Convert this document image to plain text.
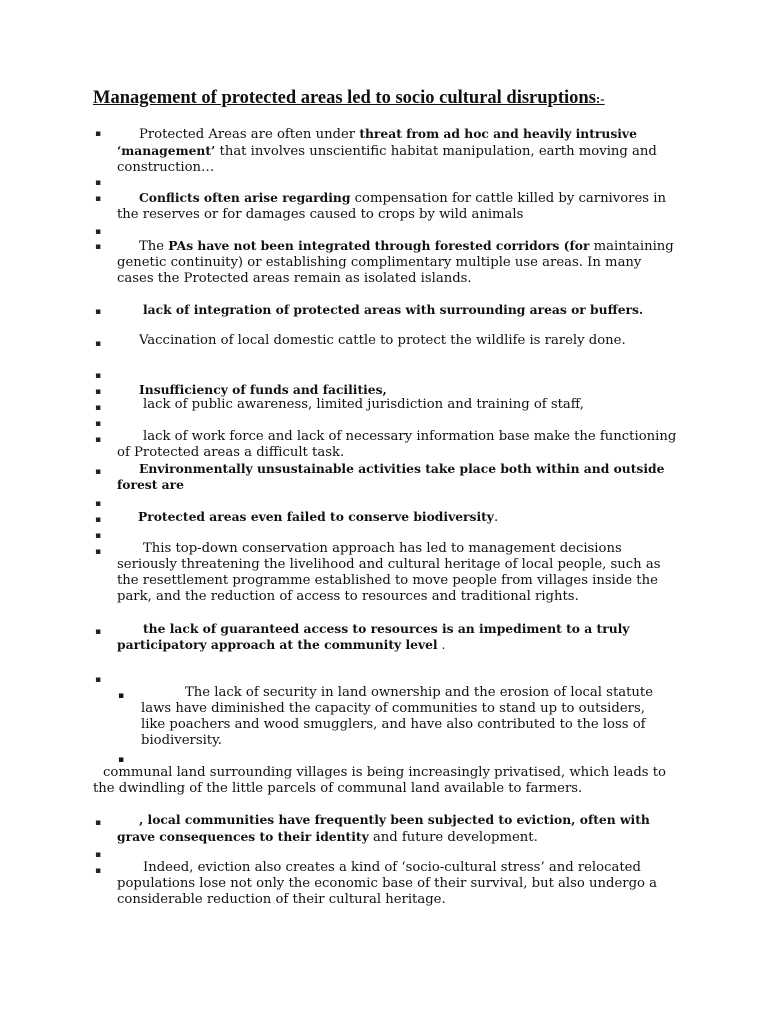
Management of protected areas led to socio cultural disruptions:-
▪	Protected Areas are often under threat from ad hoc and heavily intrusive ‘management’ that involves unscientific habitat manipulation, earth moving and construction…
▪
▪	Conflicts often arise regarding compensation for cattle killed by carnivores in the reserves or for damages caused to crops by wild animals
▪
▪	The PAs have not been integrated through forested corridors (for maintaining genetic continuity) or establishing complimentary multiple use areas. In many cases the Protected areas remain as isolated islands.
▪	lack of integration of protected areas with surrounding areas or buffers.
▪	Vaccination of local domestic cattle to protect the wildlife is rarely done.
▪
▪	Insufficiency of funds and facilities,
▪	lack of public awareness, limited jurisdiction and training of staff,
▪
▪	lack of work force and lack of necessary information base make the functioning of Protected areas a difficult task.
▪	Environmentally unsustainable activities take place both within and outside forest are
▪
▪	Protected areas even failed to conserve biodiversity.
▪
▪	This top-down conservation approach has led to management decisions seriously threatening the livelihood and cultural heritage of local people, such as the resettlement programme established to move people from villages inside the park, and the reduction of access to resources and traditional rights.
▪	the lack of guaranteed access to resources is an impediment to a truly participatory approach at the community level .
▪
▪	The lack of security in land ownership and the erosion of local statute laws have diminished the capacity of communities to stand up to outsiders, like poachers and wood smugglers, and have also contributed to the loss of biodiversity.
▪
communal land surrounding villages is being increasingly privatised, which leads to the dwindling of the little parcels of communal land available to farmers.
▪	, local communities have frequently been subjected to eviction, often with grave consequences to their identity and future development.
▪
▪	Indeed, eviction also creates a kind of ‘socio-cultural stress’ and relocated populations lose not only the economic base of their survival, but also undergo a considerable reduction of their cultural heritage.
